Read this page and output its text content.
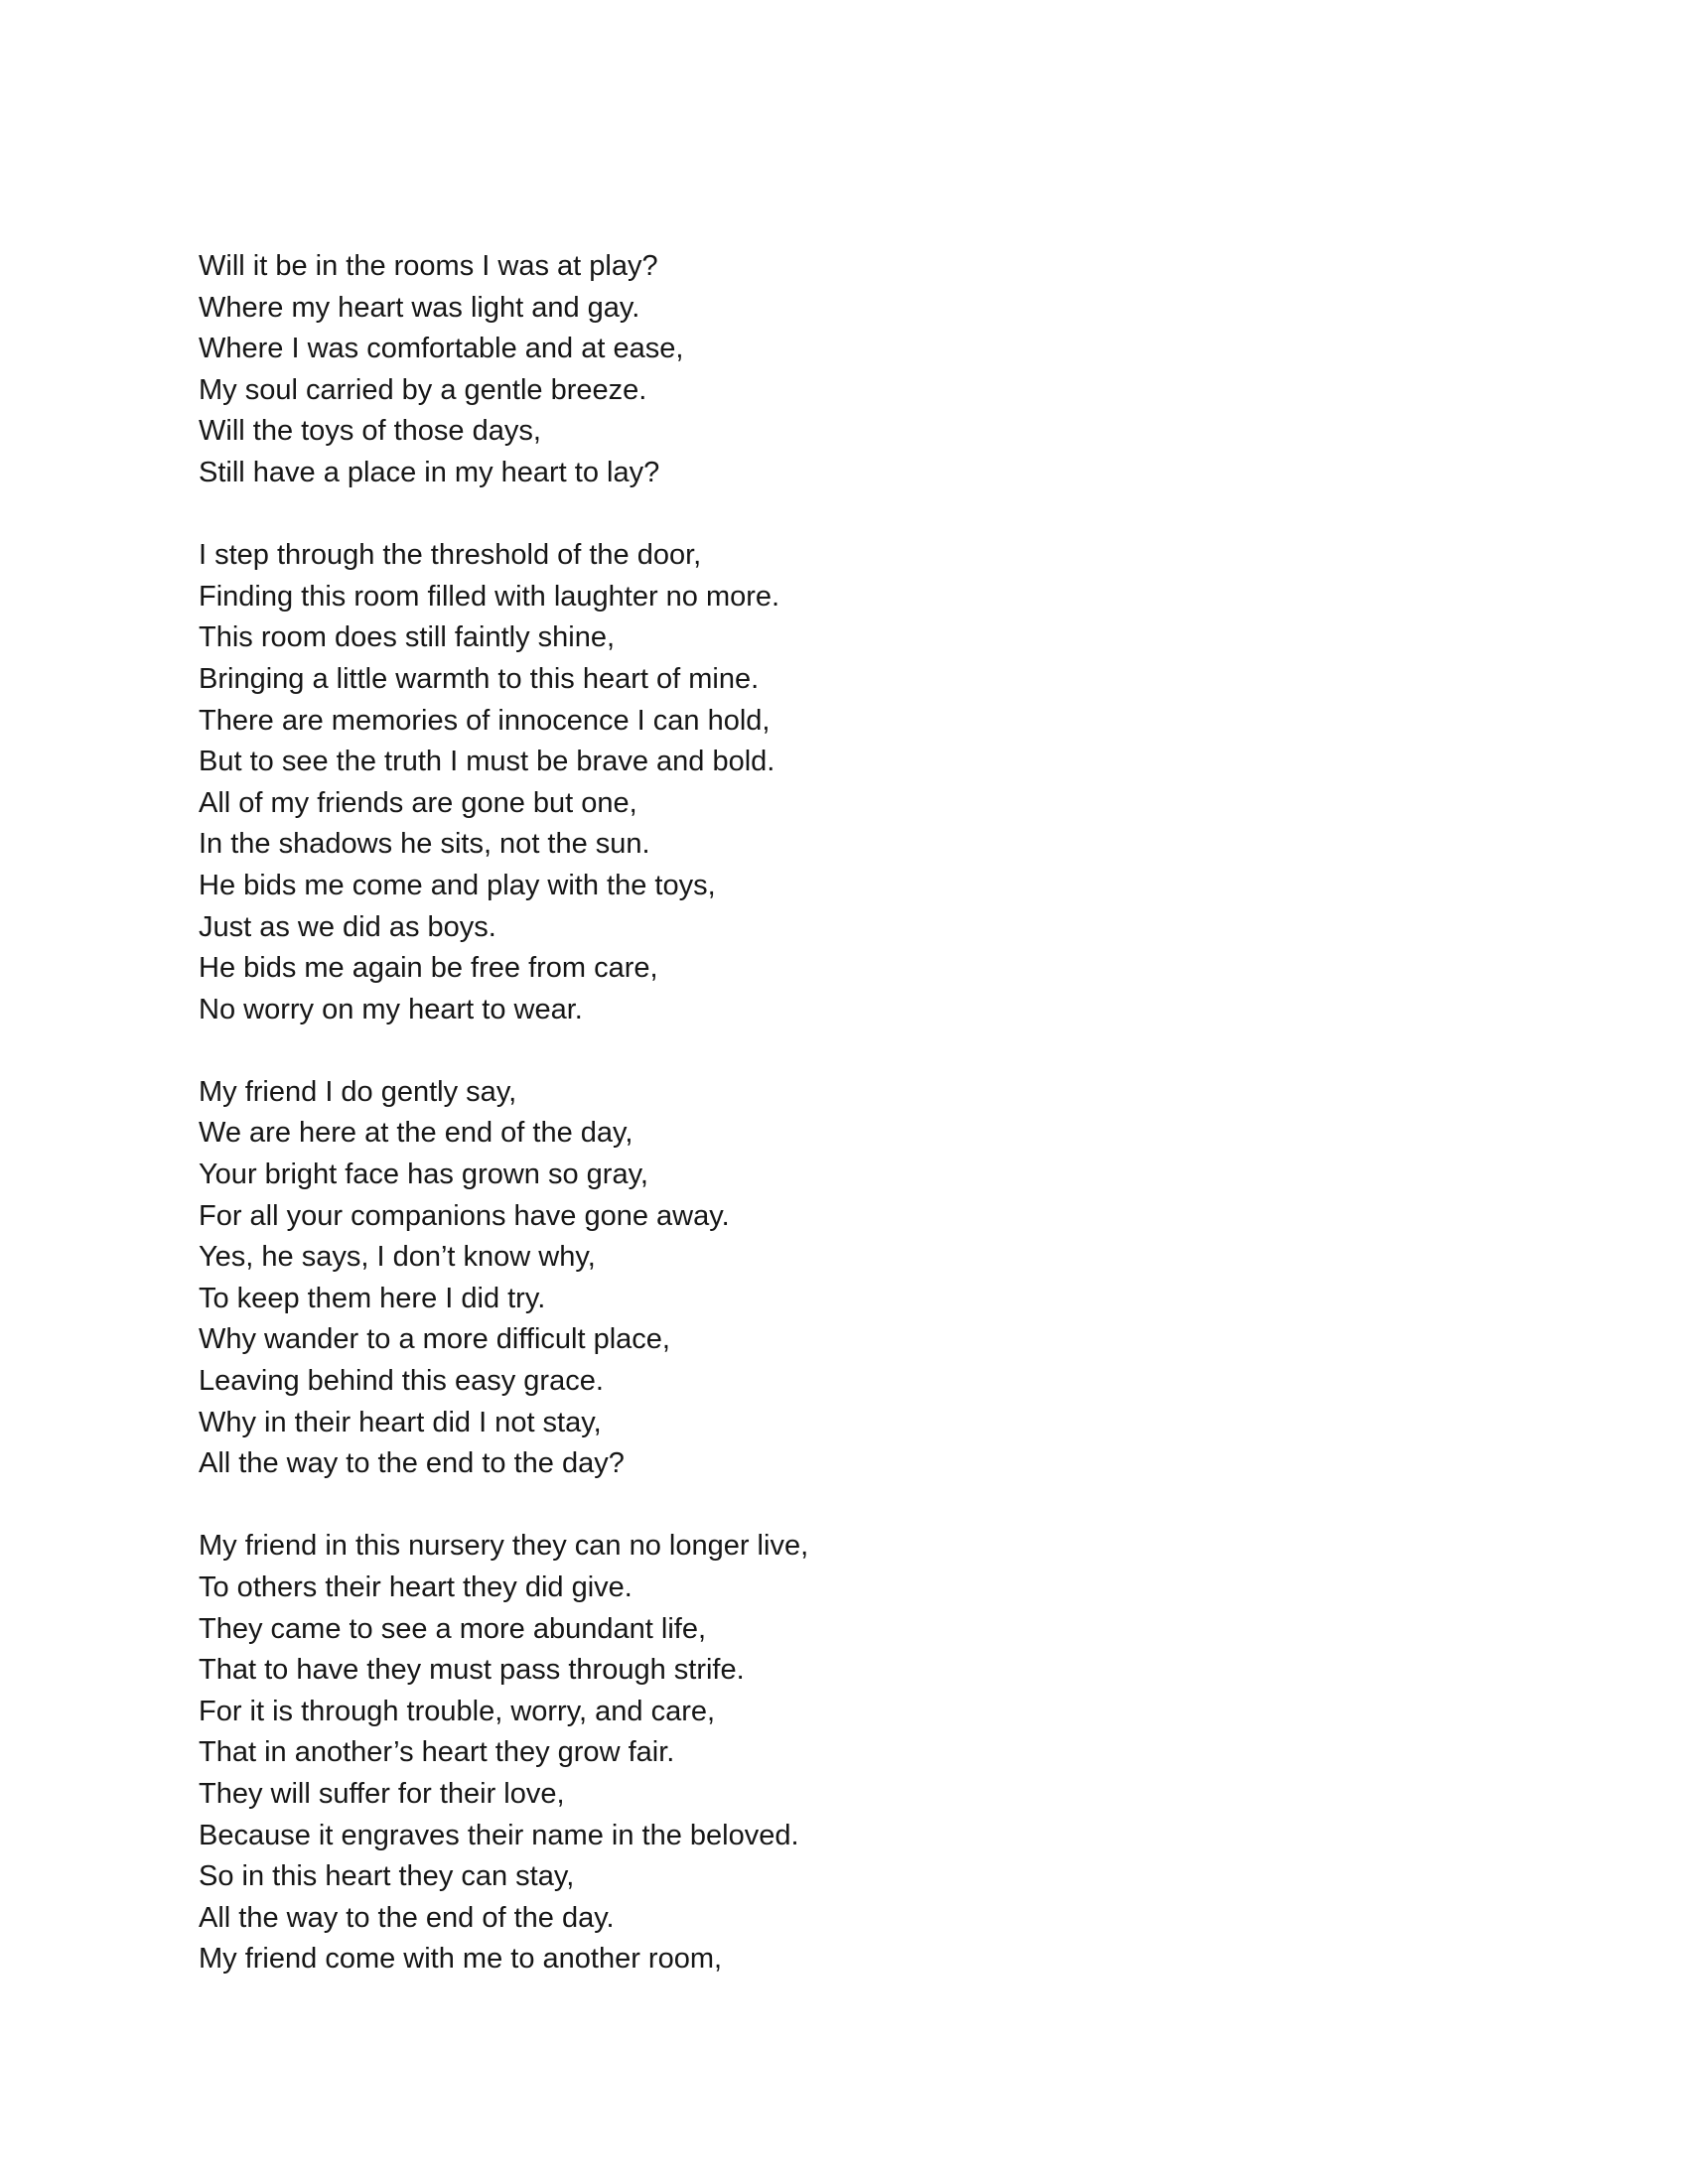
Will it be in the rooms I was at play?
Where my heart was light and gay.
Where I was comfortable and at ease,
My soul carried by a gentle breeze.
Will the toys of those days,
Still have a place in my heart to lay?
I step through the threshold of the door,
Finding this room filled with laughter no more.
This room does still faintly shine,
Bringing a little warmth to this heart of mine.
There are memories of innocence I can hold,
But to see the truth I must be brave and bold.
All of my friends are gone but one,
In the shadows he sits, not the sun.
He bids me come and play with the toys,
Just as we did as boys.
He bids me again be free from care,
No worry on my heart to wear.
My friend I do gently say,
We are here at the end of the day,
Your bright face has grown so gray,
For all your companions have gone away.
Yes, he says, I don’t know why,
To keep them here I did try.
Why wander to a more difficult place,
Leaving behind this easy grace.
Why in their heart did I not stay,
All the way to the end to the day?
My friend in this nursery they can no longer live,
To others their heart they did give.
They came to see a more abundant life,
That to have they must pass through strife.
For it is through trouble, worry, and care,
That in another’s heart they grow fair.
They will suffer for their love,
Because it engraves their name in the beloved.
So in this heart they can stay,
All the way to the end of the day.
My friend come with me to another room,
